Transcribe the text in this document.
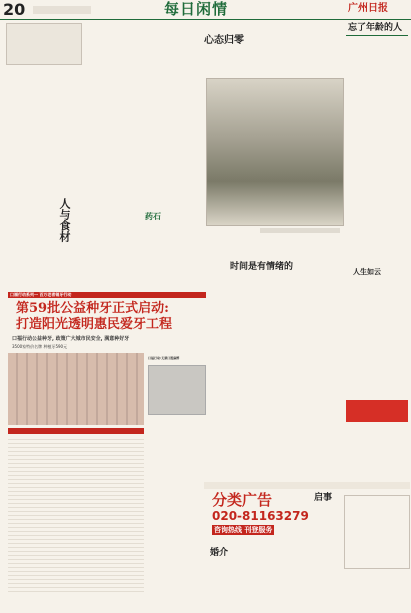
20	每日闲情	广州日报
人与食材	药石
心态归零
忘了年龄的人
人生如云
时间是有情绪的
口福行动系列一 百万老者销牙行动
第59批公益种牙正式启动:
打造阳光透明惠民爱牙工程
口福行动公益种牙, 政策广大城市民安全, 满意种好牙
3500家特价名牌 种植牙590元
口福行动:无须口腔麻醉
分类广告
020-81163279
咨询热线 刊登服务
婚介
启事
